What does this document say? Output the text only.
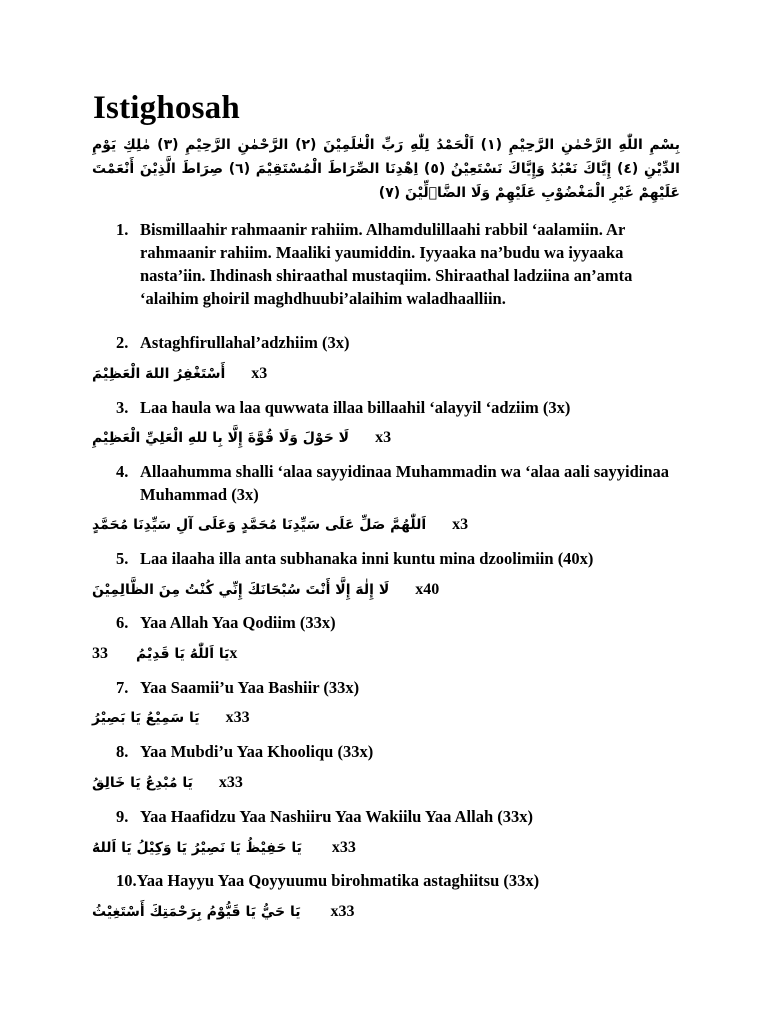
Istighosah
بِسْمِ اللّٰهِ الرَّحْمٰنِ الرَّحِيْمِ (١) اَلْحَمْدُ لِلّٰهِ رَبِّ الْعٰلَمِيْنَ (٢) الرَّحْمٰنِ الرَّحِيْمِ (٣) مٰلِكِ يَوْمِ الدِّيْنِ (٤) إِيَّاكَ نَعْبُدُ وَإِيَّاكَ نَسْتَعِيْنُ (٥) اِهْدِنَا الصِّرَاطَ الْمُسْتَقِيْمَ (٦) صِرَاطَ الَّذِيْنَ أَنْعَمْتَ عَلَيْهِمْ غَيْرِ الْمَغْضُوْبِ عَلَيْهِمْ وَلَا الضَّاۤلِّيْنَ (٧)
1. Bismillaahir rahmaanir rahiim. Alhamdulillaahi rabbil ‘aalamiin. Ar rahmaanir rahiim. Maaliki yaumiddin. Iyyaaka na’budu wa iyyaaka nasta’iin. Ihdinash shiraathal mustaqiim. Shiraathal ladziina an’amta ‘alaihim ghoiril maghdhuubi’alaihim waladhaalliin.
2. Astaghfirullahal’adzhiim (3x)
أَسْتَغْفِرُ اللهَ الْعَظِيْمَ x3
3. Laa haula wa laa quwwata illaa billaahil ‘alayyil ‘adziim (3x)
لَا حَوْلَ وَلَا قُوَّةَ إِلَّا بِا للهِ الْعَلِيِّ الْعَظِيْمِ x3
4. Allaahumma shalli ‘alaa sayyidinaa Muhammadin wa ‘alaa aali sayyidinaa Muhammad (3x)
اَللّٰهُمَّ صَلِّ عَلَى سَيِّدِنَا مُحَمَّدٍ وَعَلَى آلِ سَيِّدِنَا مُحَمَّدٍ x3
5. Laa ilaaha illa anta subhanaka inni kuntu mina dzoolimiin (40x)
لَا إِلٰهَ إِلَّا أَنْتَ سُبْحَانَكَ إِنِّي كُنْتُ مِنَ الظَّالِمِيْنَ x40
6. Yaa Allah Yaa Qodiim (33x)
33 يَا اَللّٰهُ يَا قَدِيْمُ x
7. Yaa Saamii’u Yaa Bashiir (33x)
يَا سَمِيْعُ يَا بَصِيْرُ x33
8. Yaa Mubdi’u Yaa Khooliqu (33x)
يَا مُبْدِعُ يَا خَالِقُ x33
9. Yaa Haafidzu Yaa Nashiiru Yaa Wakiilu Yaa Allah (33x)
يَا حَفِيْظُ يَا نَصِيْرُ يَا وَكِيْلُ يَا اَللهُ x33
10.Yaa Hayyu Yaa Qoyyuumu birohmatika astaghiitsu (33x)
يَا حَيُّ يَا قَيُّوْمُ بِرَحْمَتِكَ أَسْتَغِيْثُ x33
